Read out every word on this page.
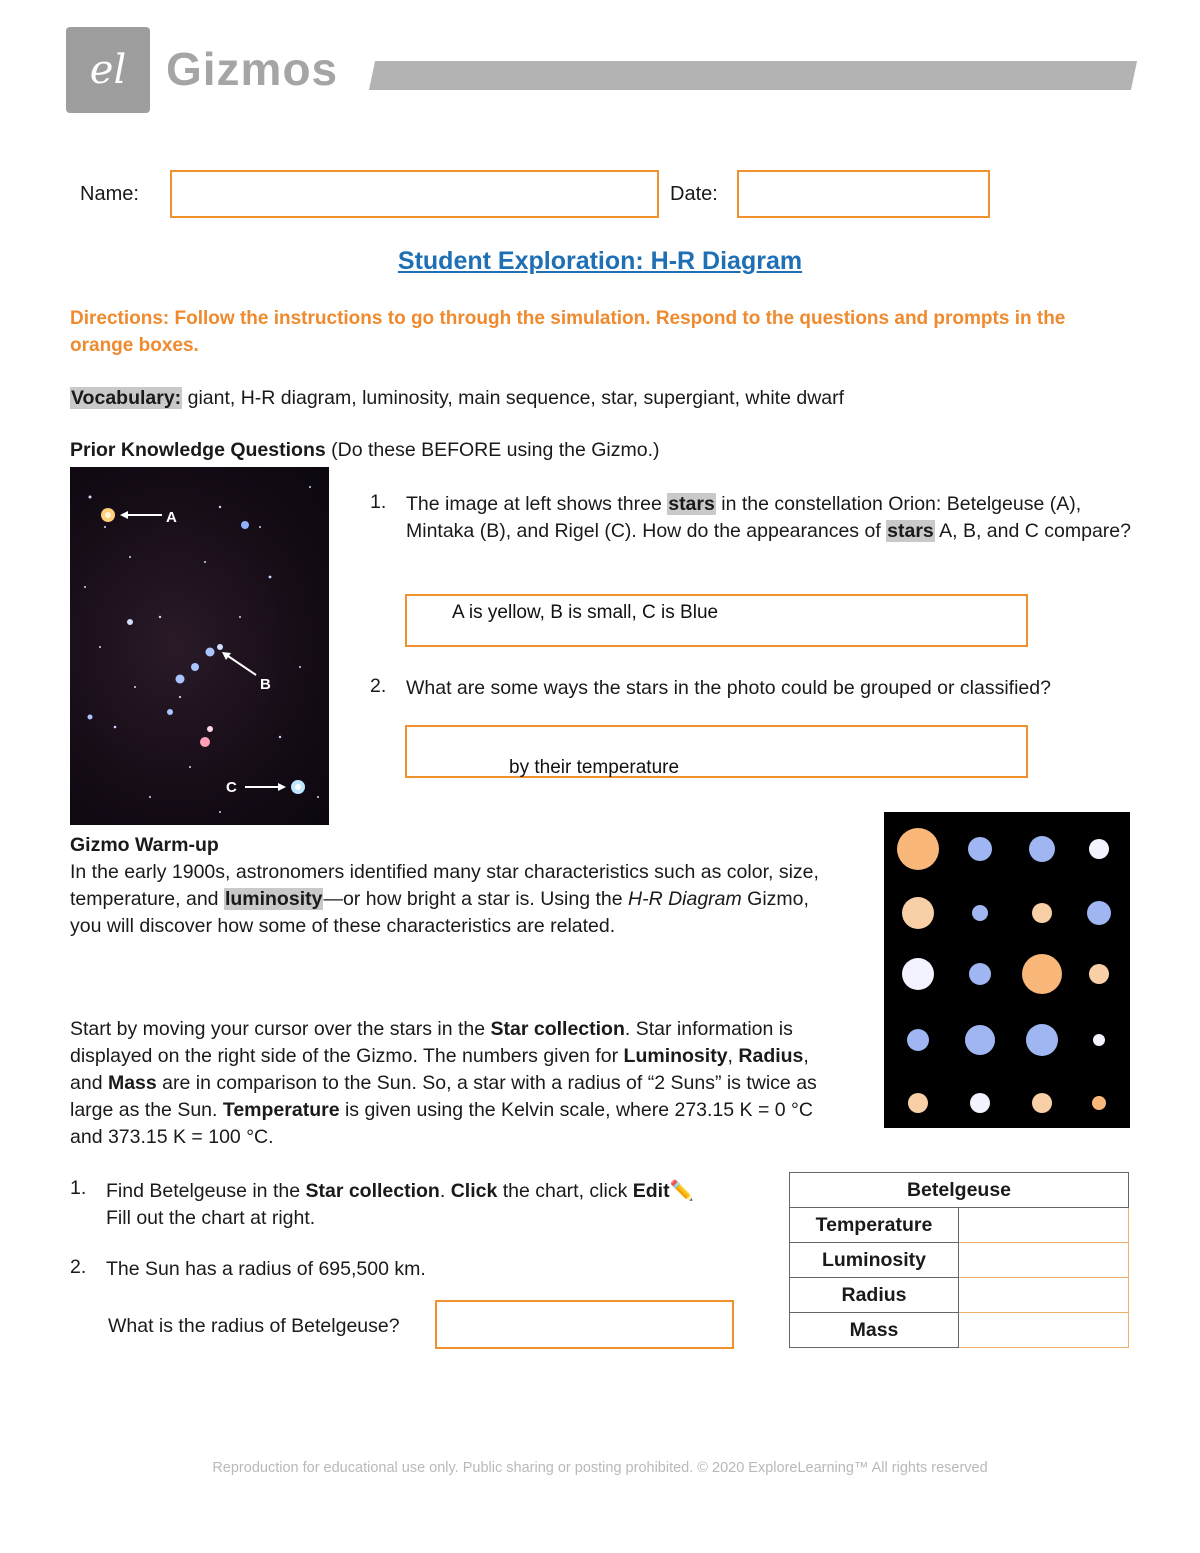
el Gizmos
Name:	Date:
Student Exploration: H-R Diagram
Directions: Follow the instructions to go through the simulation. Respond to the questions and prompts in the orange boxes.
Vocabulary: giant, H-R diagram, luminosity, main sequence, star, supergiant, white dwarf
Prior Knowledge Questions (Do these BEFORE using the Gizmo.)
A
B
C
1. The image at left shows three stars in the constellation Orion: Betelgeuse (A), Mintaka (B), and Rigel (C). How do the appearances of stars A, B, and C compare?
A is yellow, B is small, C is Blue
2. What are some ways the stars in the photo could be grouped or classified?
by their temperature
Gizmo Warm-up
In the early 1900s, astronomers identified many star characteristics such as color, size, temperature, and luminosity—or how bright a star is. Using the H-R Diagram Gizmo, you will discover how some of these characteristics are related.
Start by moving your cursor over the stars in the Star collection. Star information is displayed on the right side of the Gizmo. The numbers given for Luminosity, Radius, and Mass are in comparison to the Sun. So, a star with a radius of “2 Suns” is twice as large as the Sun. Temperature is given using the Kelvin scale, where 273.15 K = 0 °C and 373.15 K = 100 °C.
1. Find Betelgeuse in the Star collection. Click the chart, click Edit✏️
Fill out the chart at right.
2. The Sun has a radius of 695,500 km.
What is the radius of Betelgeuse?
Betelgeuse	
Temperature	
Luminosity	
Radius	
Mass	
Reproduction for educational use only. Public sharing or posting prohibited. © 2020 ExploreLearning™ All rights reserved
